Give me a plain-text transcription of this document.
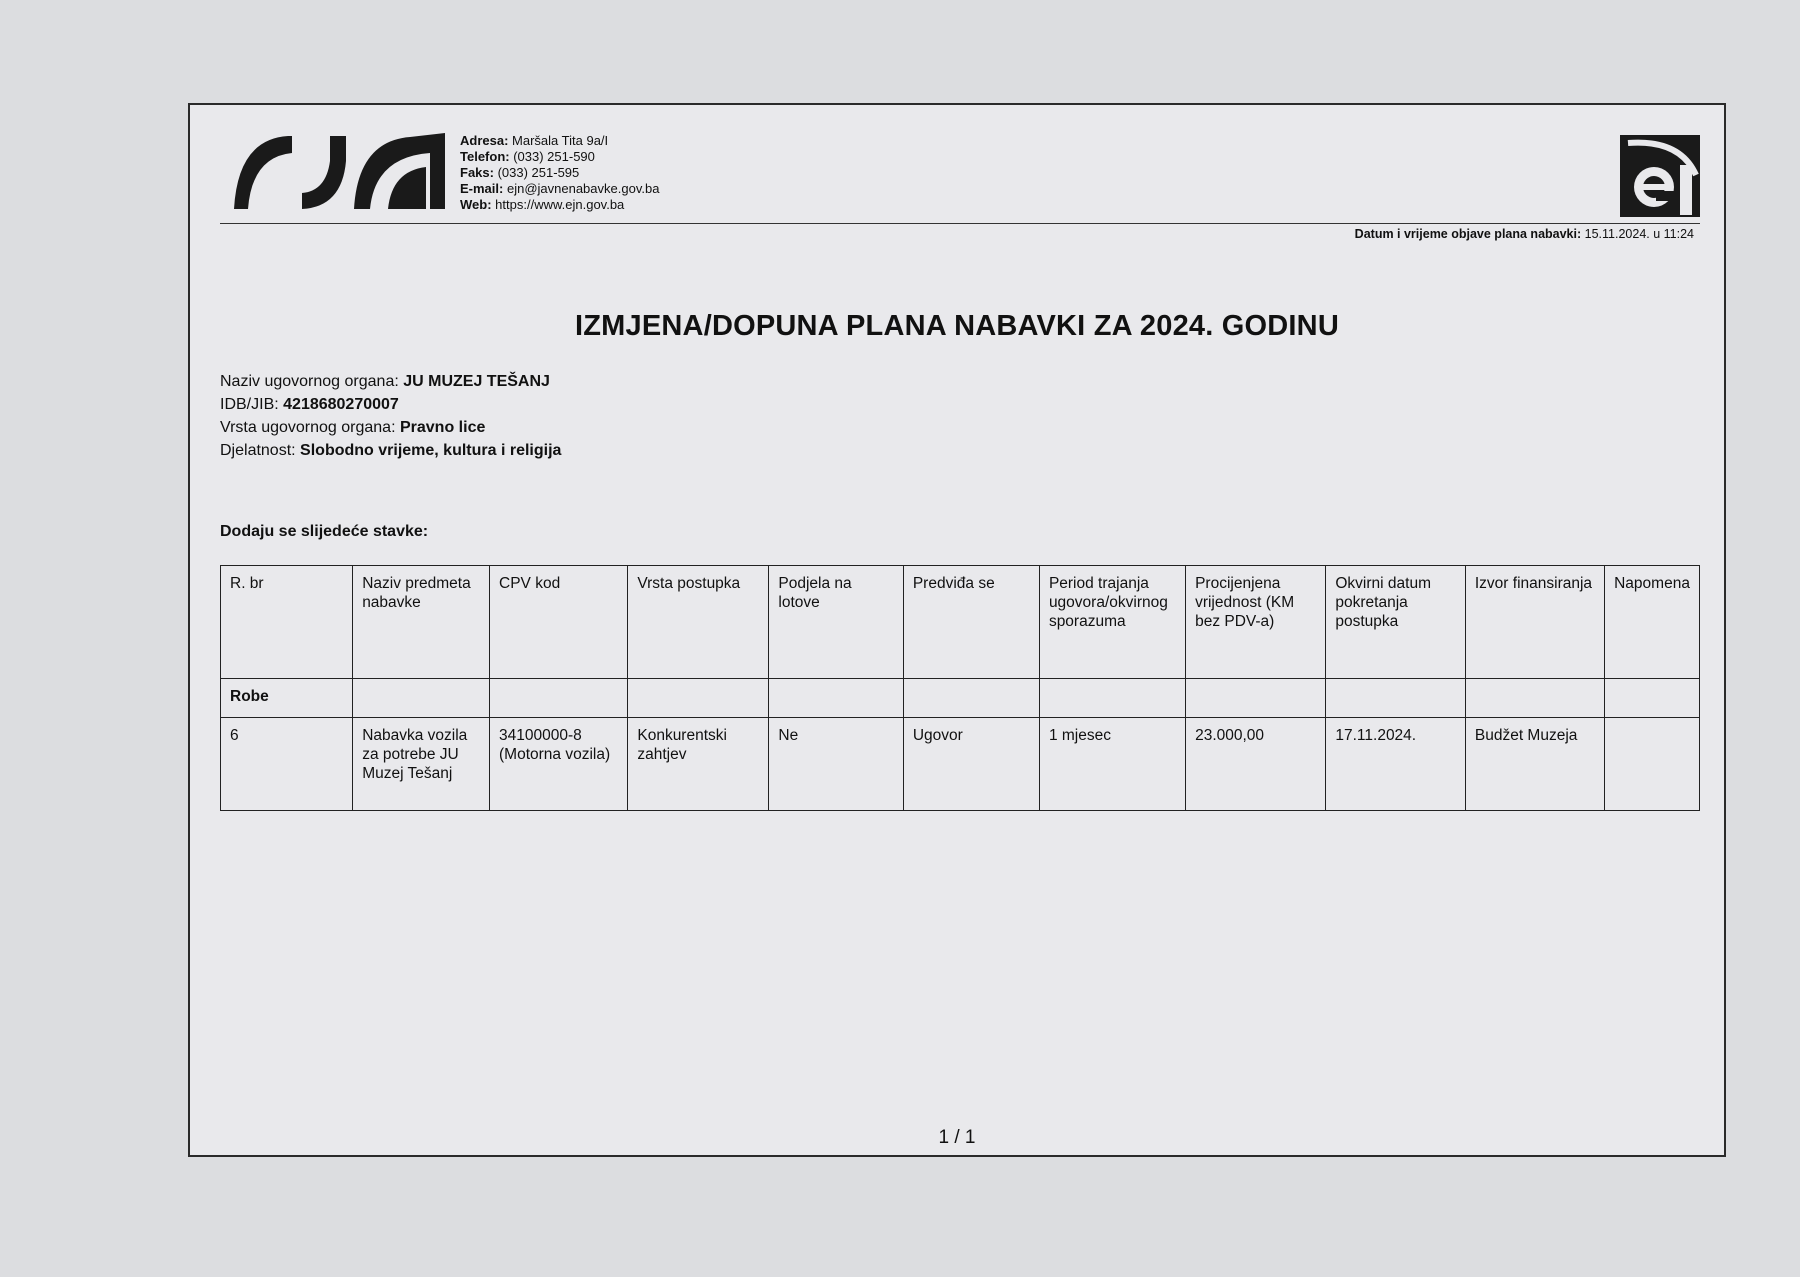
Adresa: Maršala Tita 9a/I
Telefon: (033) 251-590
Faks: (033) 251-595
E-mail: ejn@javnenabavke.gov.ba
Web: https://www.ejn.gov.ba
Datum i vrijeme objave plana nabavki: 15.11.2024. u 11:24
IZMJENA/DOPUNA PLANA NABAVKI ZA 2024. GODINU
Naziv ugovornog organa: JU MUZEJ TEŠANJ
IDB/JIB: 4218680270007
Vrsta ugovornog organa: Pravno lice
Djelatnost: Slobodno vrijeme, kultura i religija
Dodaju se slijedeće stavke:
R. br	Naziv predmeta nabavke	CPV kod	Vrsta postupka	Podjela na lotove	Predviđa se	Period trajanja ugovora/okvirnog sporazuma	Procijenjena vrijednost (KM bez PDV-a)	Okvirni datum pokretanja postupka	Izvor finansiranja	Napomena
Robe										
6	Nabavka vozila za potrebe JU Muzej Tešanj	34100000-8 (Motorna vozila)	Konkurentski zahtjev	Ne	Ugovor	1 mjesec	23.000,00	17.11.2024.	Budžet Muzeja	
1 / 1
